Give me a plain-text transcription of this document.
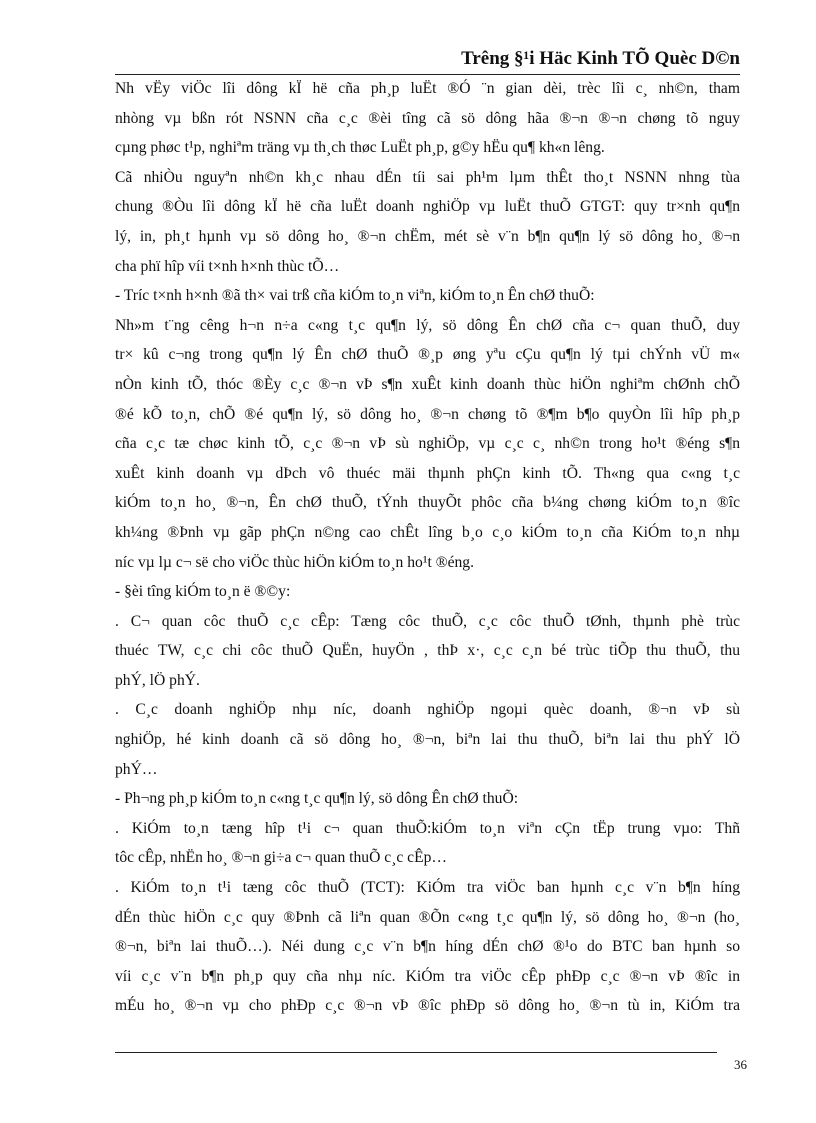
Trêng §¹i Häc Kinh TÕ Quèc D©n
Nh vËy viÖc lîi dông kÏ hë cña ph¸p luËt ®Ó ¨n gian dèi, trèc lîi c¸ nh©n, tham
nhòng vµ bßn rót NSNN cña c¸c ®èi tîng cã sö dông hãa ®¬n ®¬n chøng tõ nguy
cµng phøc t¹p, nghiªm träng vµ th¸ch thøc LuËt ph¸p, g©y hËu qu¶ kh«n lêng.
Cã nhiÒu nguyªn nh©n kh¸c nhau dÉn tíi sai ph¹m lµm thÊt tho¸t NSNN nhng tùa
chung ®Òu lîi dông kÏ hë cña luËt doanh nghiÖp vµ luËt thuÕ GTGT: quy tr×nh qu¶n
lý, in, ph¸t hµnh vµ sö dông ho¸ ®¬n chËm, mét sè v¨n b¶n qu¶n lý sö dông ho¸ ®¬n
cha phï hîp víi t×nh h×nh thùc tÕ…
- Tríc t×nh h×nh ®ã th× vai trß cña kiÓm to¸n viªn, kiÓm to¸n Ên chØ thuÕ:
Nh»m t¨ng cêng h¬n n÷a c«ng t¸c qu¶n lý, sö dông Ên chØ cña c¬ quan thuÕ, duy
tr× kû c¬ng trong qu¶n lý Ên chØ thuÕ ®¸p øng yªu cÇu qu¶n lý tµi chÝnh vÜ m«
nÒn kinh tÕ, thóc ®Èy c¸c ®¬n vÞ s¶n xuÊt kinh doanh thùc hiÖn nghiªm chØnh chÕ
®é kÕ to¸n, chÕ ®é qu¶n lý, sö dông ho¸ ®¬n chøng tõ ®¶m b¶o quyÒn lîi hîp ph¸p
cña c¸c tæ chøc kinh tÕ, c¸c ®¬n vÞ sù nghiÖp, vµ c¸c c¸ nh©n trong ho¹t ®éng s¶n
xuÊt kinh doanh vµ dÞch vô thuéc mäi thµnh phÇn kinh tÕ. Th«ng qua c«ng t¸c
kiÓm to¸n ho¸ ®¬n, Ên chØ thuÕ, tÝnh thuyÕt phôc cña b¼ng chøng kiÓm to¸n ®îc
kh¼ng ®Þnh vµ gãp phÇn n©ng cao chÊt lîng b¸o c¸o kiÓm to¸n cña KiÓm to¸n nhµ
níc vµ lµ c¬ së cho viÖc thùc hiÖn kiÓm to¸n ho¹t ®éng.
- §èi tîng kiÓm to¸n ë ®©y:
. C¬ quan côc thuÕ c¸c cÊp: Tæng côc thuÕ, c¸c côc thuÕ tØnh, thµnh phè trùc
thuéc TW, c¸c chi côc thuÕ QuËn, huyÖn , thÞ x·, c¸c c¸n bé trùc tiÕp thu thuÕ, thu
phÝ, lÖ phÝ.
. C¸c doanh nghiÖp nhµ níc, doanh nghiÖp ngoµi quèc doanh, ®¬n vÞ sù
nghiÖp, hé kinh doanh cã sö dông ho¸ ®¬n, biªn lai thu thuÕ, biªn lai thu phÝ lÖ
phÝ…
- Ph¬ng ph¸p kiÓm to¸n c«ng t¸c qu¶n lý, sö dông Ên chØ thuÕ:
. KiÓm to¸n tæng hîp t¹i c¬ quan thuÕ:kiÓm to¸n viªn cÇn tËp trung vµo: Thñ
tôc cÊp, nhËn ho¸ ®¬n gi÷a c¬ quan thuÕ c¸c cÊp…
. KiÓm to¸n t¹i tæng côc thuÕ (TCT): KiÓm tra viÖc ban hµnh c¸c v¨n b¶n híng
dÉn thùc hiÖn c¸c quy ®Þnh cã liªn quan ®Õn c«ng t¸c qu¶n lý, sö dông ho¸ ®¬n (ho¸
®¬n, biªn lai thuÕ…). Néi dung c¸c v¨n b¶n híng dÉn chØ ®¹o do BTC ban hµnh so
víi c¸c v¨n b¶n ph¸p quy cña nhµ níc. KiÓm tra viÖc cÊp phÐp c¸c ®¬n vÞ ®îc in
mÉu ho¸ ®¬n vµ cho phÐp c¸c ®¬n vÞ ®îc phÐp sö dông ho¸ ®¬n tù in, KiÓm tra
36
